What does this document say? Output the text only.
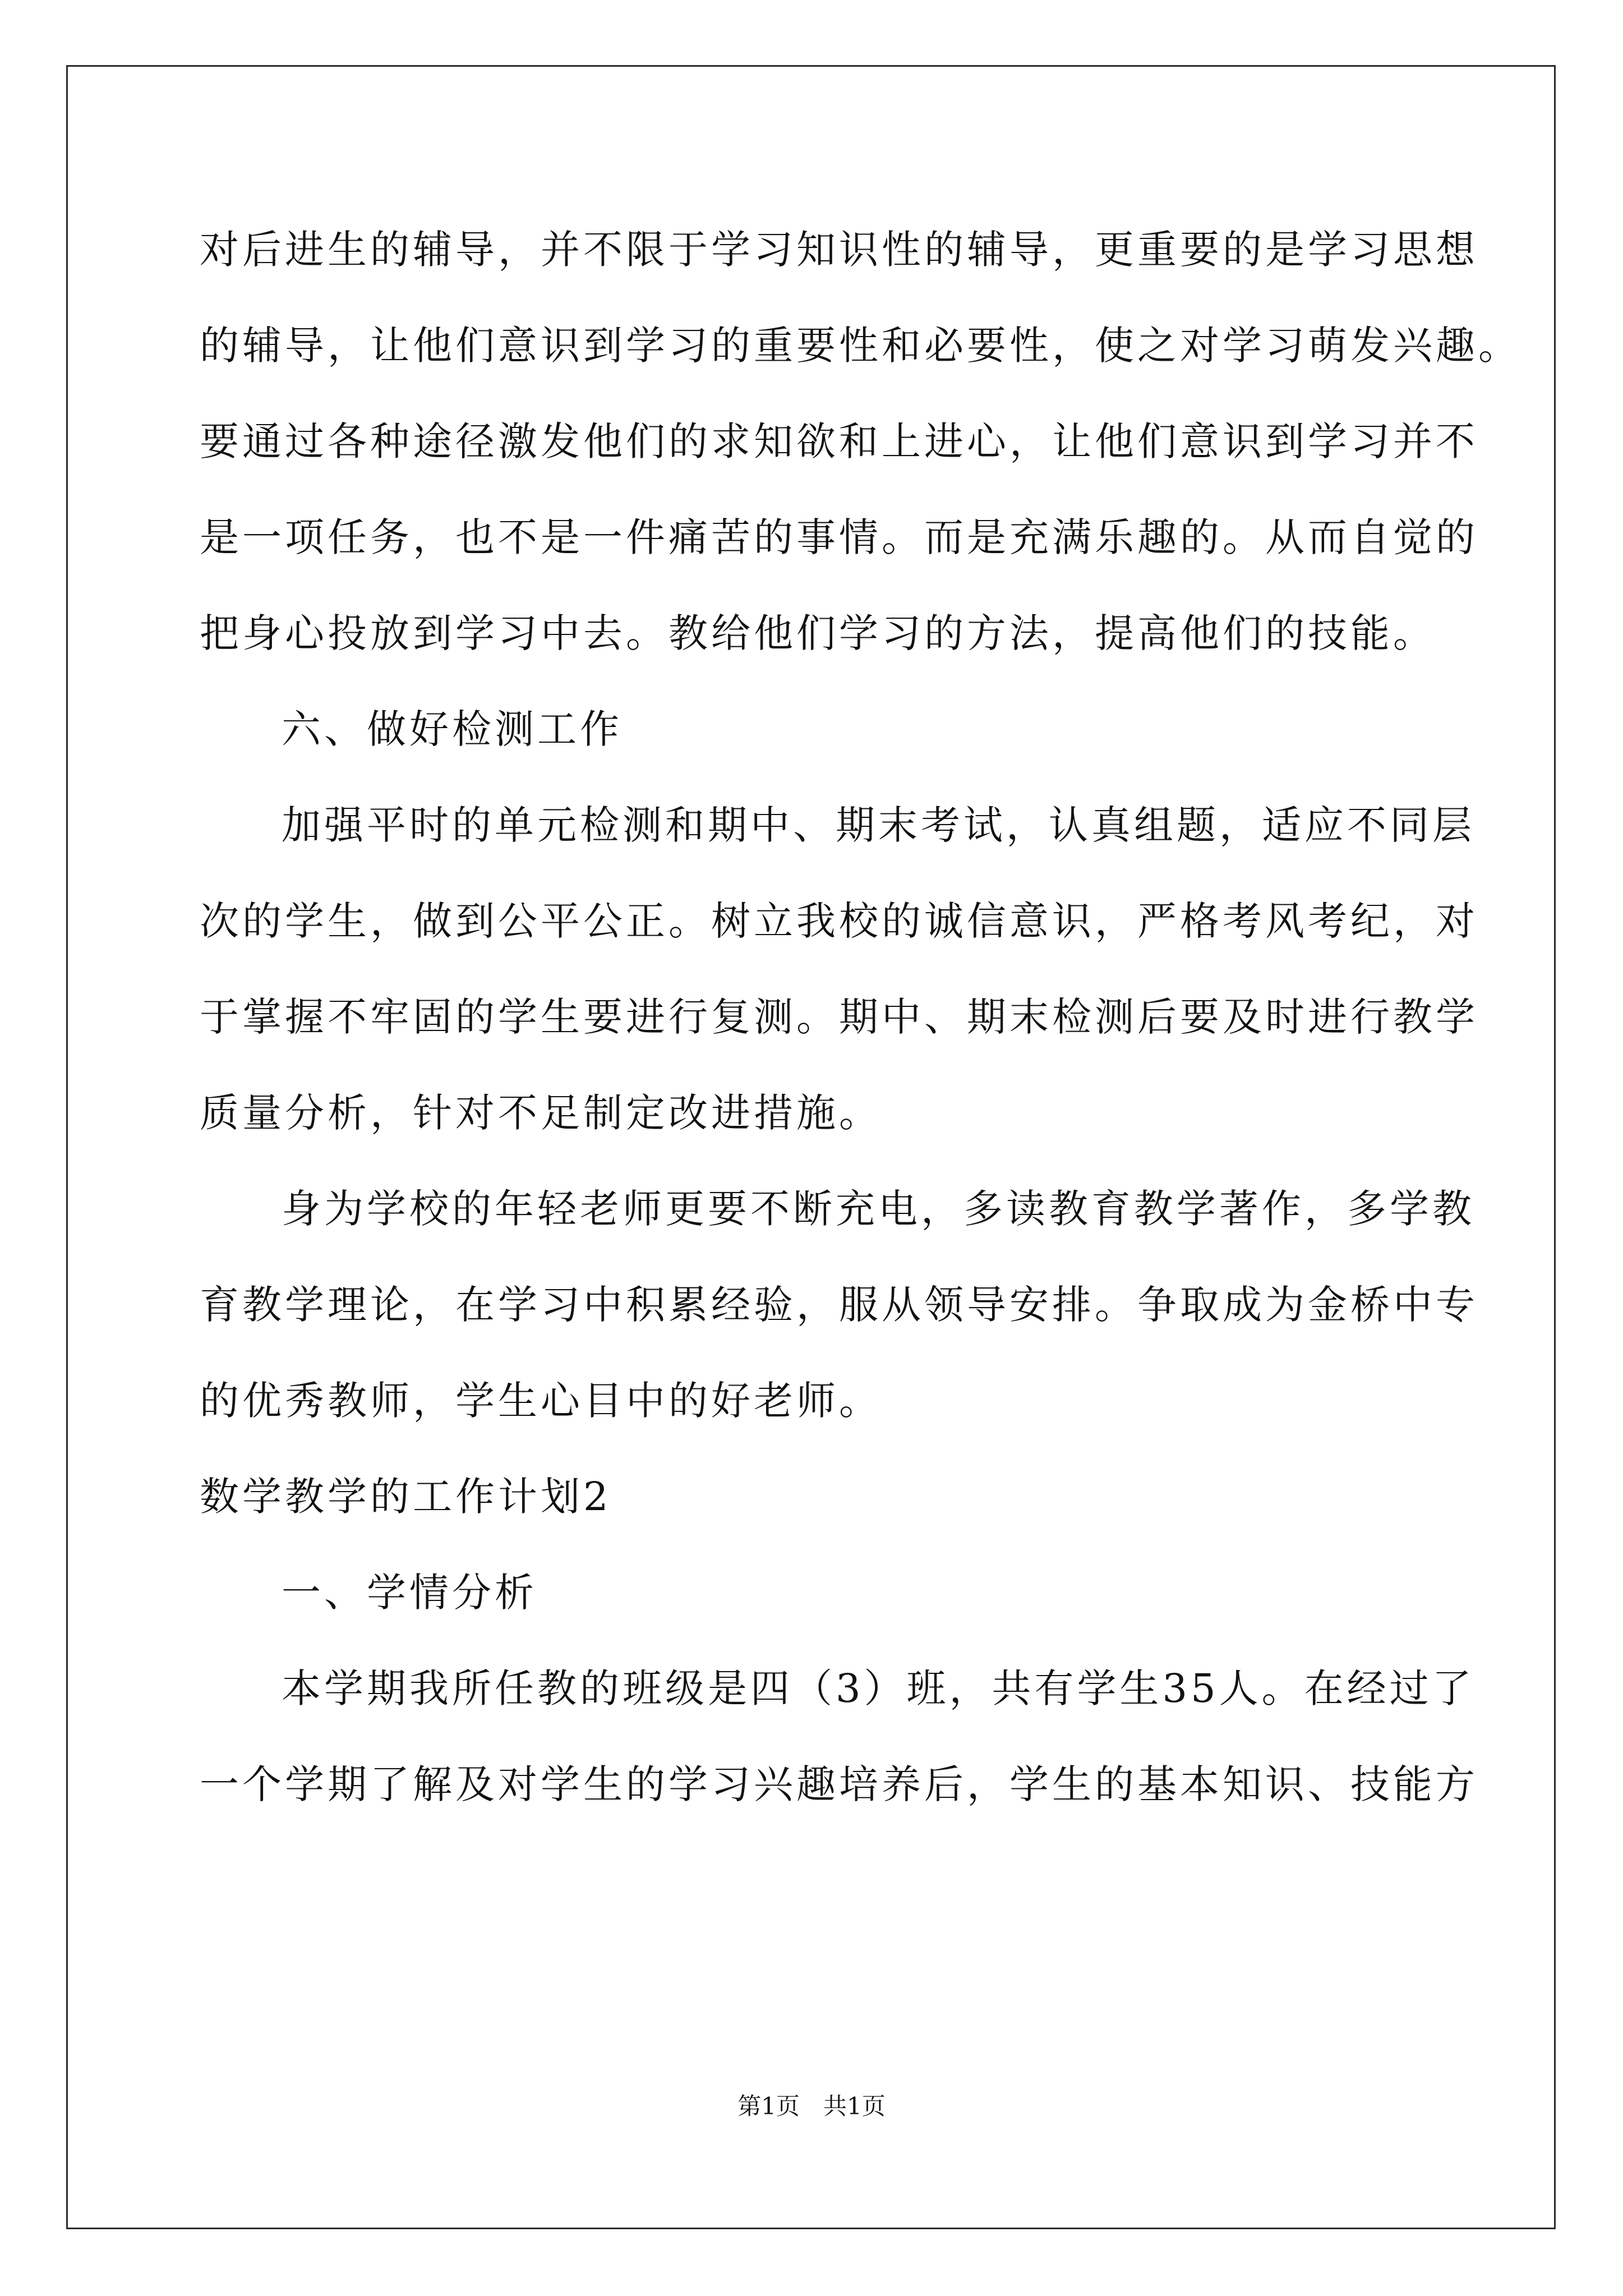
对后进生的辅导，并不限于学习知识性的辅导，更重要的是学习思想
的辅导，让他们意识到学习的重要性和必要性，使之对学习萌发兴趣。
要通过各种途径激发他们的求知欲和上进心，让他们意识到学习并不
是一项任务，也不是一件痛苦的事情。而是充满乐趣的。从而自觉的
把身心投放到学习中去。教给他们学习的方法，提高他们的技能。
六、做好检测工作
加强平时的单元检测和期中、期末考试，认真组题，适应不同层
次的学生，做到公平公正。树立我校的诚信意识，严格考风考纪，对
于掌握不牢固的学生要进行复测。期中、期末检测后要及时进行教学
质量分析，针对不足制定改进措施。
身为学校的年轻老师更要不断充电，多读教育教学著作，多学教
育教学理论，在学习中积累经验，服从领导安排。争取成为金桥中专
的优秀教师，学生心目中的好老师。
数学教学的工作计划2
一、学情分析
本学期我所任教的班级是四（3）班，共有学生35人。在经过了
一个学期了解及对学生的学习兴趣培养后，学生的基本知识、技能方
第1页　共1页
